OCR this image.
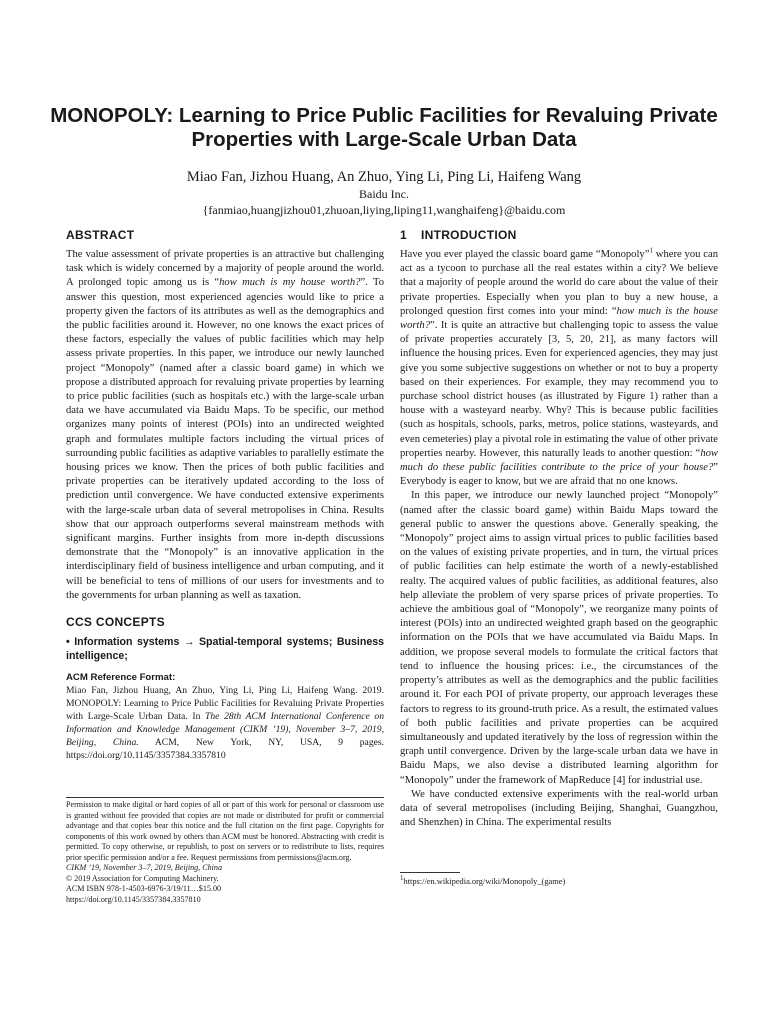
MONOPOLY: Learning to Price Public Facilities for Revaluing Private Properties with Large-Scale Urban Data
Miao Fan, Jizhou Huang, An Zhuo, Ying Li, Ping Li, Haifeng Wang
Baidu Inc.
{fanmiao,huangjizhou01,zhuoan,liying,liping11,wanghaifeng}@baidu.com
ABSTRACT

The value assessment of private properties is an attractive but challenging task which is widely concerned by a majority of people around the world. A prolonged topic among us is “how much is my house worth?”. To answer this question, most experienced agencies would like to price a property given the factors of its attributes as well as the demographics and the public facilities around it. However, no one knows the exact prices of these factors, especially the values of public facilities which may help assess private properties. In this paper, we introduce our newly launched project “Monopoly” (named after a classic board game) in which we propose a distributed approach for revaluing private properties by learning to price public facilities (such as hospitals etc.) with the large-scale urban data we have accumulated via Baidu Maps. To be specific, our method organizes many points of interest (POIs) into an undirected weighted graph and formulates multiple factors including the virtual prices of surrounding public facilities as adaptive variables to parallelly estimate the housing prices we know. Then the prices of both public facilities and private properties can be iteratively updated according to the loss of prediction until convergence. We have conducted extensive experiments with the large-scale urban data of several metropolises in China. Results show that our approach outperforms several mainstream methods with significant margins. Further insights from more in-depth discussions demonstrate that the “Monopoly” is an innovative application in the interdisciplinary field of business intelligence and urban computing, and it will be beneficial to tens of millions of our users for investments and to the governments for urban planning as well as taxation.

CCS CONCEPTS
• Information systems → Spatial-temporal systems; Business intelligence;
ACM Reference Format:
Miao Fan, Jizhou Huang, An Zhuo, Ying Li, Ping Li, Haifeng Wang. 2019. MONOPOLY: Learning to Price Public Facilities for Revaluing Private Properties with Large-Scale Urban Data. In The 28th ACM International Conference on Information and Knowledge Management (CIKM ’19), November 3–7, 2019, Beijing, China. ACM, New York, NY, USA, 9 pages. https://doi.org/10.1145/3357384.3357810
Permission to make digital or hard copies of all or part of this work for personal or classroom use is granted without fee provided that copies are not made or distributed for profit or commercial advantage and that copies bear this notice and the full citation on the first page. Copyrights for components of this work owned by others than ACM must be honored. Abstracting with credit is permitted. To copy otherwise, or republish, to post on servers or to redistribute to lists, requires prior specific permission and/or a fee. Request permissions from permissions@acm.org.
CIKM ’19, November 3–7, 2019, Beijing, China
© 2019 Association for Computing Machinery.
ACM ISBN 978-1-4503-6976-3/19/11…$15.00
https://doi.org/10.1145/3357384.3357810
1 INTRODUCTION

Have you ever played the classic board game “Monopoly”$^1$ where you can act as a tycoon to purchase all the real estates within a city? We believe that a majority of people around the world do care about the value of their private properties. Especially when you plan to buy a new house, a prolonged question first comes into your mind: “how much is the house worth?”. It is quite an attractive but challenging topic to assess the value of private properties accurately [3, 5, 20, 21], as many factors will influence the housing prices. Even for experienced agencies, they may just give you some subjective suggestions on whether or not to buy a property based on their experiences. For example, they may recommend you to purchase school district houses (as illustrated by Figure 1) rather than a house with a wasteyard nearby. Why? This is because public facilities (such as hospitals, schools, parks, metros, police stations, wasteyards, and even cemeteries) play a pivotal role in estimating the value of other private properties nearby. However, this naturally leads to another question: “how much do these public facilities contribute to the price of your house?” Everybody is eager to know, but we are afraid that no one knows.

In this paper, we introduce our newly launched project “Monopoly” (named after the classic board game) within Baidu Maps toward the general public to answer the questions above. Generally speaking, the “Monopoly” project aims to assign virtual prices to public facilities based on the values of existing private properties, and in turn, the virtual prices of public facilities can help estimate the worth of a newly-established realty. The acquired values of public facilities, as additional features, also help alleviate the problem of very sparse prices of private properties. To achieve the ambitious goal of “Monopoly”, we reorganize many points of interest (POIs) into an undirected weighted graph based on the geographic information on the POIs that we have accumulated via Baidu Maps. In addition, we propose several models to formulate the critical factors that tend to influence the housing prices: i.e., the circumstances of the property’s attributes as well as the demographics and the public facilities around it. For each POI of private property, our approach leverages these factors to regress to its ground-truth price. As a result, the estimated values of both public facilities and private properties can be acquired simultaneously and updated iteratively by the loss of regression within the graph until convergence. Driven by the large-scale urban data we have in Baidu Maps, we also devise a distributed learning algorithm for “Monopoly” under the framework of MapReduce [4] for industrial use.

We have conducted extensive experiments with the real-world urban data of several metropolises (including Beijing, Shanghai, Guangzhou, and Shenzhen) in China. The experimental results

$^1$https://en.wikipedia.org/wiki/Monopoly_(game)
